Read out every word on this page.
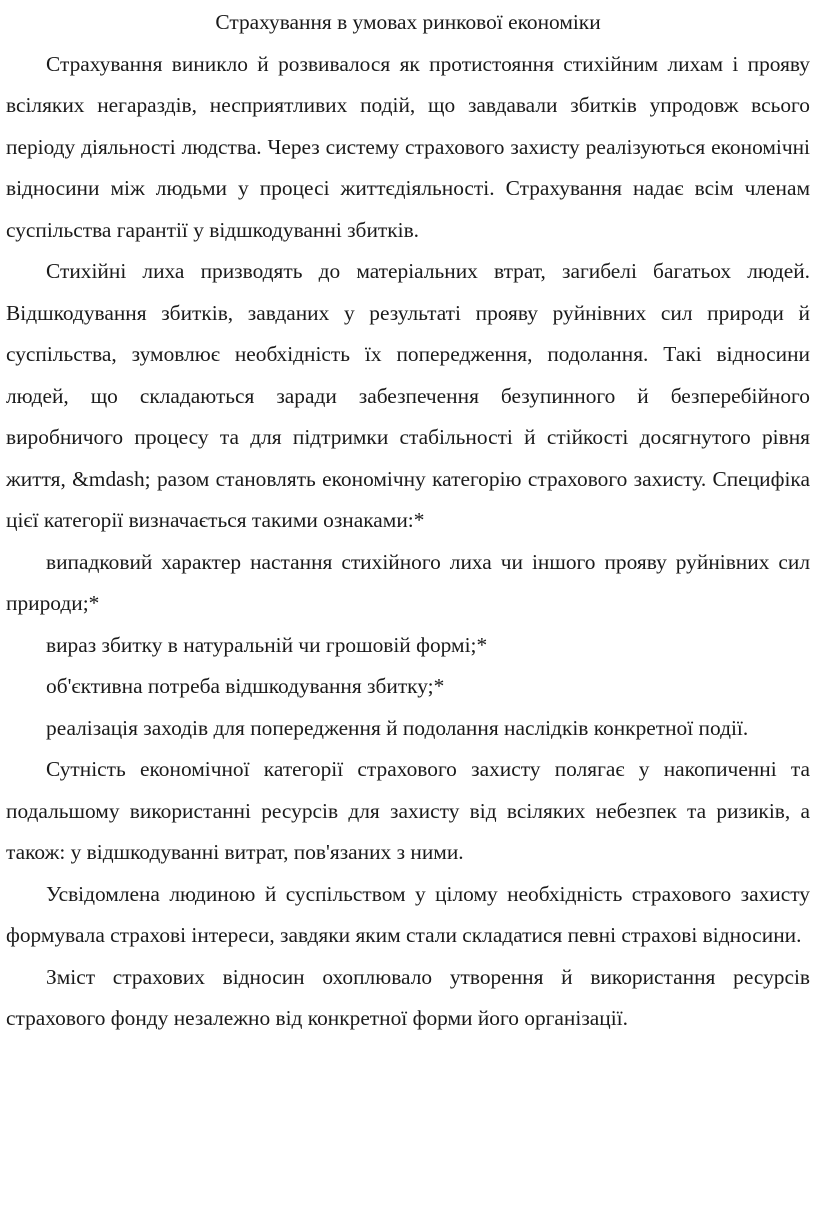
Страхування в умовах ринкової економіки

Страхування виникло й розвивалося як протистояння стихійним лихам і прояву всіляких негараздів, несприятливих подій, що завдавали збитків упродовж всього періоду діяльності людства. Через систему страхового захисту реалізуються економічні відносини між людьми у процесі життєдіяльності. Страхування надає всім членам суспільства гарантії у відшкодуванні збитків.

Стихійні лиха призводять до матеріальних втрат, загибелі багатьох людей. Відшкодування збитків, завданих у результаті прояву руйнівних сил природи й суспільства, зумовлює необхідність їх попередження, подолання. Такі відносини людей, що складаються заради забезпечення безупинного й безперебійного виробничого процесу та для підтримки стабільності й стійкості досягнутого рівня життя, &mdash; разом становлять економічну категорію страхового захисту. Специфіка цієї категорії визначається такими ознаками:*

випадковий характер настання стихійного лиха чи іншого прояву руйнівних сил природи;*

вираз збитку в натуральній чи грошовій формі;*

об'єктивна потреба відшкодування збитку;*

реалізація заходів для попередження й подолання наслідків конкретної події.

Сутність економічної категорії страхового захисту полягає у накопиченні та подальшому використанні ресурсів для захисту від всіляких небезпек та ризиків, а також: у відшкодуванні витрат, пов'язаних з ними.

Усвідомлена людиною й суспільством у цілому необхідність страхового захисту формувала страхові інтереси, завдяки яким стали складатися певні страхові відносини.

Зміст страхових відносин охоплювало утворення й використання ресурсів страхового фонду незалежно від конкретної форми його організації.
